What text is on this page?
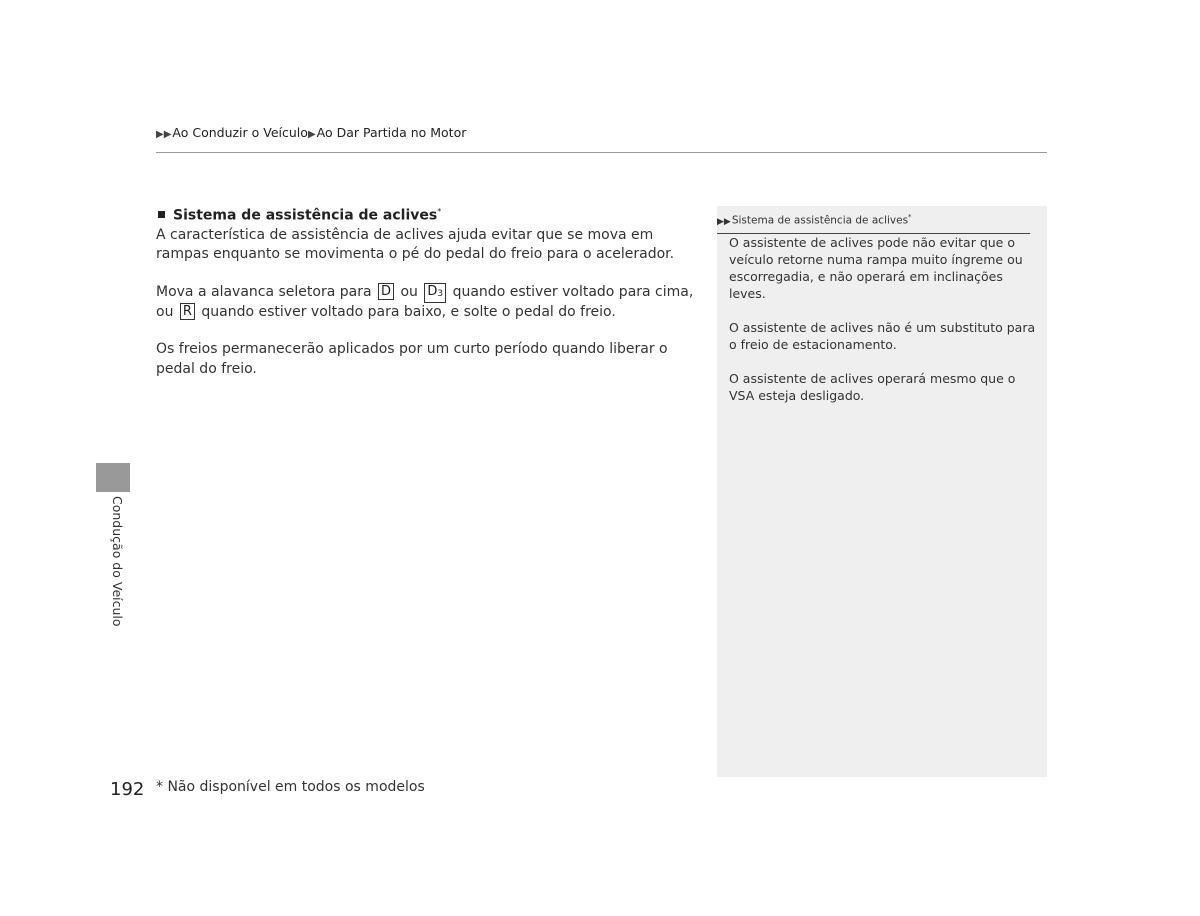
▶▶Ao Conduzir o Veículo▶Ao Dar Partida no Motor
Sistema de assistência de aclives*

A característica de assistência de aclives ajuda evitar que se mova em rampas enquanto se movimenta o pé do pedal do freio para o acelerador.

Mova a alavanca seletora para D ou $D_3$ quando estiver voltado para cima, ou R quando estiver voltado para baixo, e solte o pedal do freio.

Os freios permanecerão aplicados por um curto período quando liberar o pedal do freio.

▶▶Sistema de assistência de aclives*

O assistente de aclives pode não evitar que o veículo retorne numa rampa muito íngreme ou escorregadia, e não operará em inclinações leves.

O assistente de aclives não é um substituto para o freio de estacionamento.

O assistente de aclives operará mesmo que o VSA esteja desligado.

Condução do Veículo
192 * Não disponível em todos os modelos
